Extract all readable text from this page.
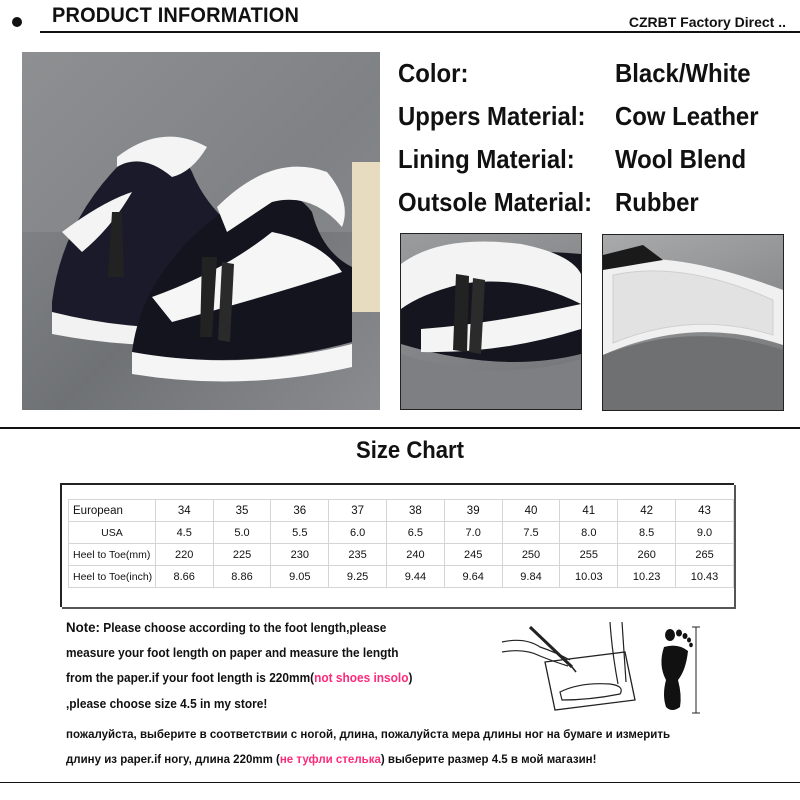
PRODUCT INFORMATION	CZRBT Factory Direct ..
Color:	Black/White
Uppers Material: Cow Leather
Lining Material: Wool Blend
Outsole Material: Rubber
Size Chart
European	34	35	36	37	38	39	40	41	42	43
USA	4.5	5.0	5.5	6.0	6.5	7.0	7.5	8.0	8.5	9.0
Heel to Toe(mm)	220	225	230	235	240	245	250	255	260	265
Heel to Toe(inch)	8.66	8.86	9.05	9.25	9.44	9.64	9.84	10.03	10.23	10.43
Note: Please choose according to the foot length,please
measure your foot length on paper and measure the length
from the paper.if your foot length is 220mm(not shoes insolo)
,please choose size 4.5 in my store!
пожалуйста, выберите в соответствии с ногой, длина, пожалуйста мера длины ног на бумаге и измерить
длину из paper.if ногу, длина 220mm (не туфли стелька) выберите размер 4.5 в мой магазин!
